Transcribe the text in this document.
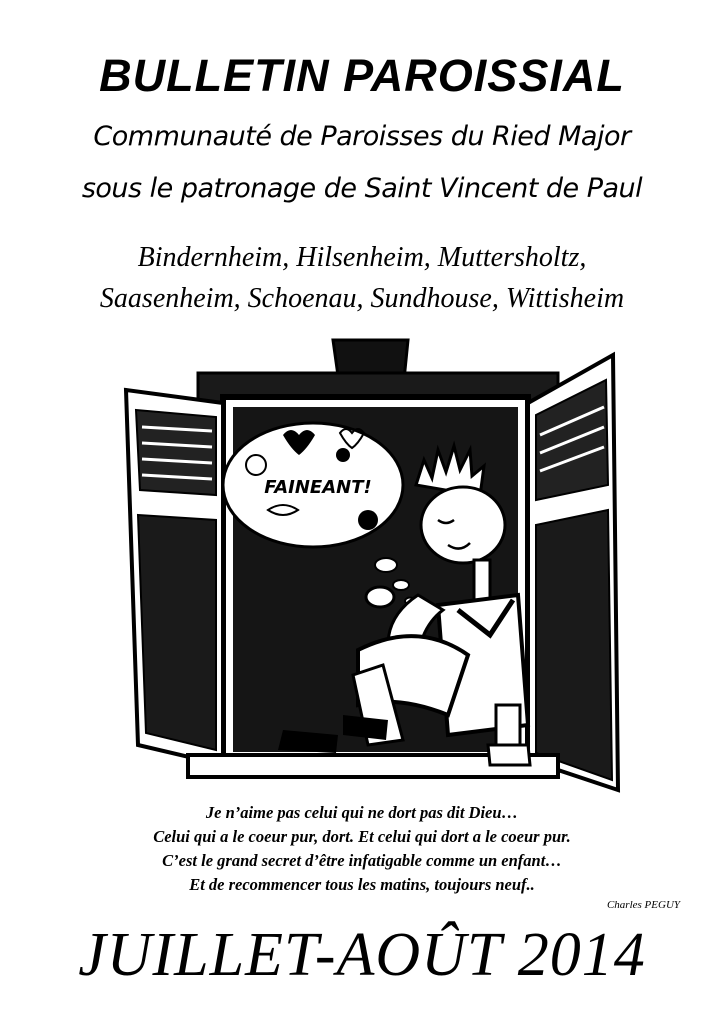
BULLETIN PAROISSIAL
Communauté de Paroisses du Ried Major
sous le patronage de Saint Vincent de Paul
Bindernheim, Hilsenheim, Muttersholtz,
Saasenheim, Schoenau, Sundhouse, Wittisheim
FAINEANT!
Je n’aime pas celui qui ne dort pas dit Dieu…
Celui qui a le coeur pur, dort. Et celui qui dort a le coeur pur.
C’est le grand secret d’être infatigable comme un enfant…
Et de recommencer tous les matins, toujours neuf..
Charles PEGUY
JUILLET-AOÛT 2014
